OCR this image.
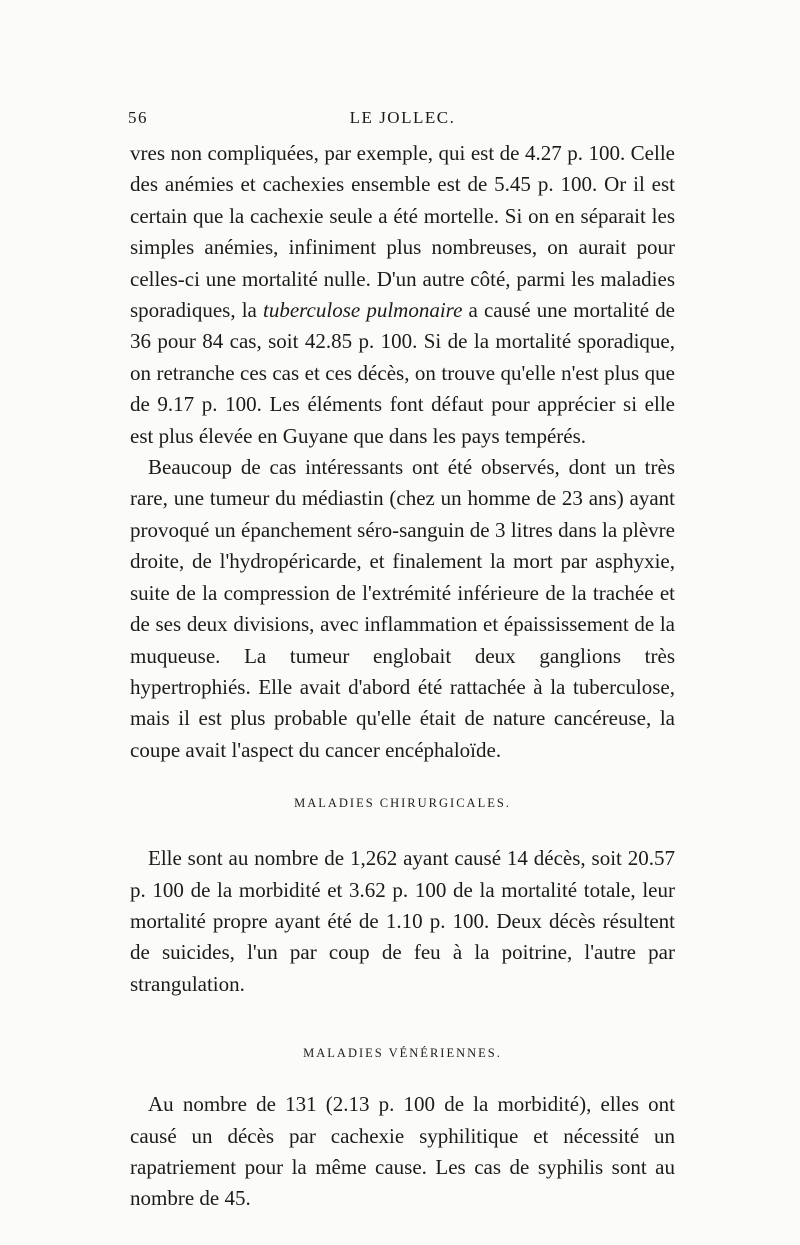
56	LE JOLLEC.

vres non compliquées, par exemple, qui est de 4.27 p. 100. Celle des anémies et cachexies ensemble est de 5.45 p. 100. Or il est certain que la cachexie seule a été mortelle. Si on en séparait les simples anémies, infiniment plus nombreuses, on aurait pour celles-ci une mortalité nulle. D'un autre côté, parmi les maladies sporadiques, la tuberculose pulmonaire a causé une mortalité de 36 pour 84 cas, soit 42.85 p. 100. Si de la mortalité sporadique, on retranche ces cas et ces décès, on trouve qu'elle n'est plus que de 9.17 p. 100. Les éléments font défaut pour apprécier si elle est plus élevée en Guyane que dans les pays tempérés.

Beaucoup de cas intéressants ont été observés, dont un très rare, une tumeur du médiastin (chez un homme de 23 ans) ayant provoqué un épanchement séro-sanguin de 3 litres dans la plèvre droite, de l'hydropéricarde, et finalement la mort par asphyxie, suite de la compression de l'extrémité inférieure de la trachée et de ses deux divisions, avec inflammation et épaississement de la muqueuse. La tumeur englobait deux ganglions très hypertrophiés. Elle avait d'abord été rattachée à la tuberculose, mais il est plus probable qu'elle était de nature cancéreuse, la coupe avait l'aspect du cancer encéphaloïde.

MALADIES CHIRURGICALES.

Elle sont au nombre de 1,262 ayant causé 14 décès, soit 20.57 p. 100 de la morbidité et 3.62 p. 100 de la mortalité totale, leur mortalité propre ayant été de 1.10 p. 100. Deux décès résultent de suicides, l'un par coup de feu à la poitrine, l'autre par strangulation.

MALADIES VÉNÉRIENNES.

Au nombre de 131 (2.13 p. 100 de la morbidité), elles ont causé un décès par cachexie syphilitique et nécessité un rapatriement pour la même cause. Les cas de syphilis sont au nombre de 45.
